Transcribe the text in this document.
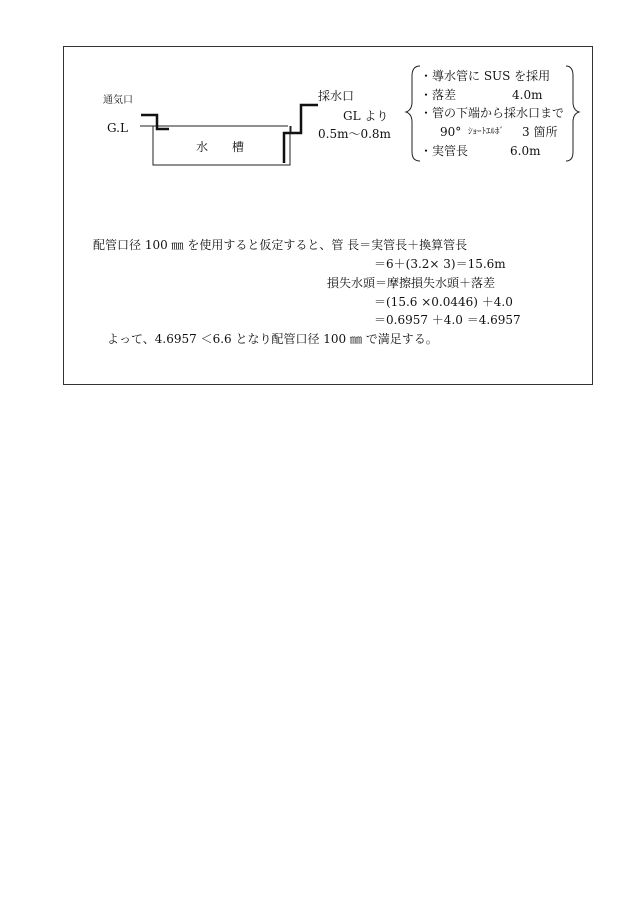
通気口
G.L
水　　槽
採水口
GL より
0.5m～0.8m
・導水管に SUS を採用
・落差	4.0m
・管の下端から採水口まで
90° ｼｮｰﾄｴﾙﾎﾞ 3 箇所
・実管長	6.0m
配管口径 100 ㎜ を使用すると仮定すると、管 長＝実管長＋換算管長
＝6＋(3.2× 3)＝15.6m
損失水頭＝摩擦損失水頭＋落差
＝(15.6 ×0.0446) ＋4.0
＝0.6957 ＋4.0 ＝4.6957
よって、4.6957 ＜6.6 となり配管口径 100 ㎜ で満足する。
